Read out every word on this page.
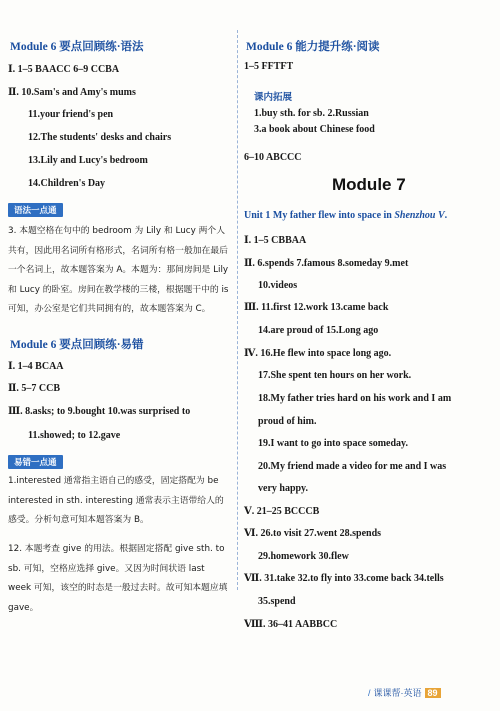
Module 6 要点回顾练·语法
Ⅰ. 1–5 BAACC 6–9 CCBA
Ⅱ. 10.Sam's and Amy's mums
11.your friend's pen
12.The students' desks and chairs
13.Lily and Lucy's bedroom
14.Children's Day
语法一点通
3. 本题空格在句中的 bedroom 为 Lily 和 Lucy 两个人共有，因此用名词所有格形式，名词所有格一般加在最后一个名词上，故本题答案为 A。本题为：那间房间是 Lily 和 Lucy 的卧室。房间在教学楼的三楼，根据题干中的 is 可知，办公室是它们共同拥有的，故本题答案为 C。
Module 6 要点回顾练·易错
Ⅰ. 1–4 BCAA
Ⅱ. 5–7 CCB
Ⅲ. 8.asks; to 9.bought 10.was surprised to
11.showed; to 12.gave
易错一点通
1.interested 通常指主语自己的感受，固定搭配为 be interested in sth. interesting 通常表示主语带给人的感受。分析句意可知本题答案为 B。
12. 本题考查 give 的用法。根据固定搭配 give sth. to sb. 可知，空格应选择 give。又因为时间状语 last week 可知，该空的时态是一般过去时。故可知本题应填 gave。
Module 6 能力提升练·阅读
1–5 FFTFT
课内拓展
1.buy sth. for sb. 2.Russian
3.a book about Chinese food
6–10 ABCCC
Module 7
Unit 1 My father flew into space in Shenzhou V.
Ⅰ. 1–5 CBBAA
Ⅱ. 6.spends 7.famous 8.someday 9.met
10.videos
Ⅲ. 11.first 12.work 13.came back
14.are proud of 15.Long ago
Ⅳ. 16.He flew into space long ago.
17.She spent ten hours on her work.
18.My father tries hard on his work and I am
proud of him.
19.I want to go into space someday.
20.My friend made a video for me and I was
very happy.
Ⅴ. 21–25 BCCCB
Ⅵ. 26.to visit 27.went 28.spends
29.homework 30.flew
Ⅶ. 31.take 32.to fly into 33.come back 34.tells
35.spend
Ⅷ. 36–41 AABBCC
/ 课课帮·英语 89
